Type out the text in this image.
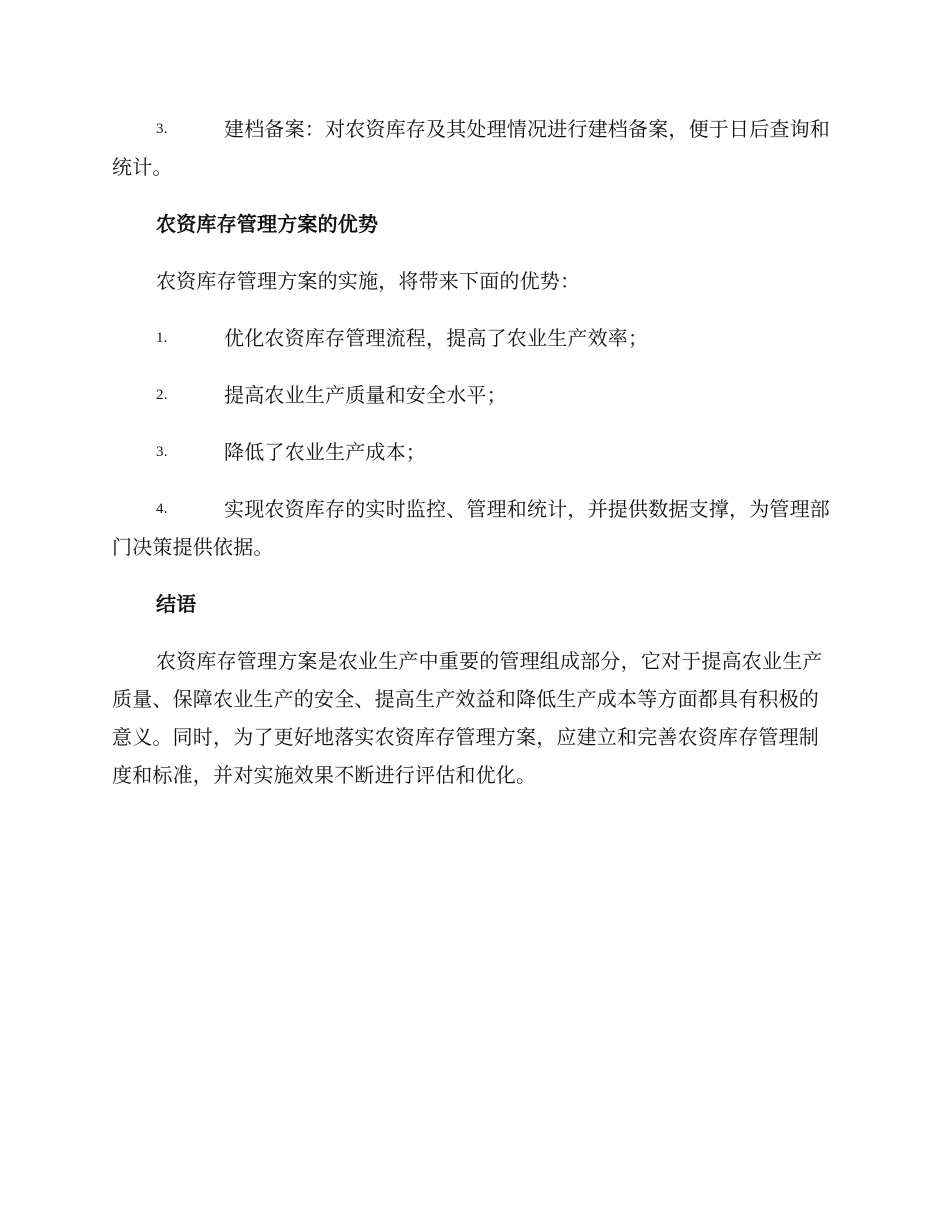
3.	建档备案：对农资库存及其处理情况进行建档备案，便于日后查询和统计。

农资库存管理方案的优势

农资库存管理方案的实施，将带来下面的优势：

1.	优化农资库存管理流程，提高了农业生产效率；

2.	提高农业生产质量和安全水平；

3.	降低了农业生产成本；

4.	实现农资库存的实时监控、管理和统计，并提供数据支撑，为管理部门决策提供依据。

结语

农资库存管理方案是农业生产中重要的管理组成部分，它对于提高农业生产质量、保障农业生产的安全、提高生产效益和降低生产成本等方面都具有积极的意义。同时，为了更好地落实农资库存管理方案，应建立和完善农资库存管理制度和标准，并对实施效果不断进行评估和优化。
